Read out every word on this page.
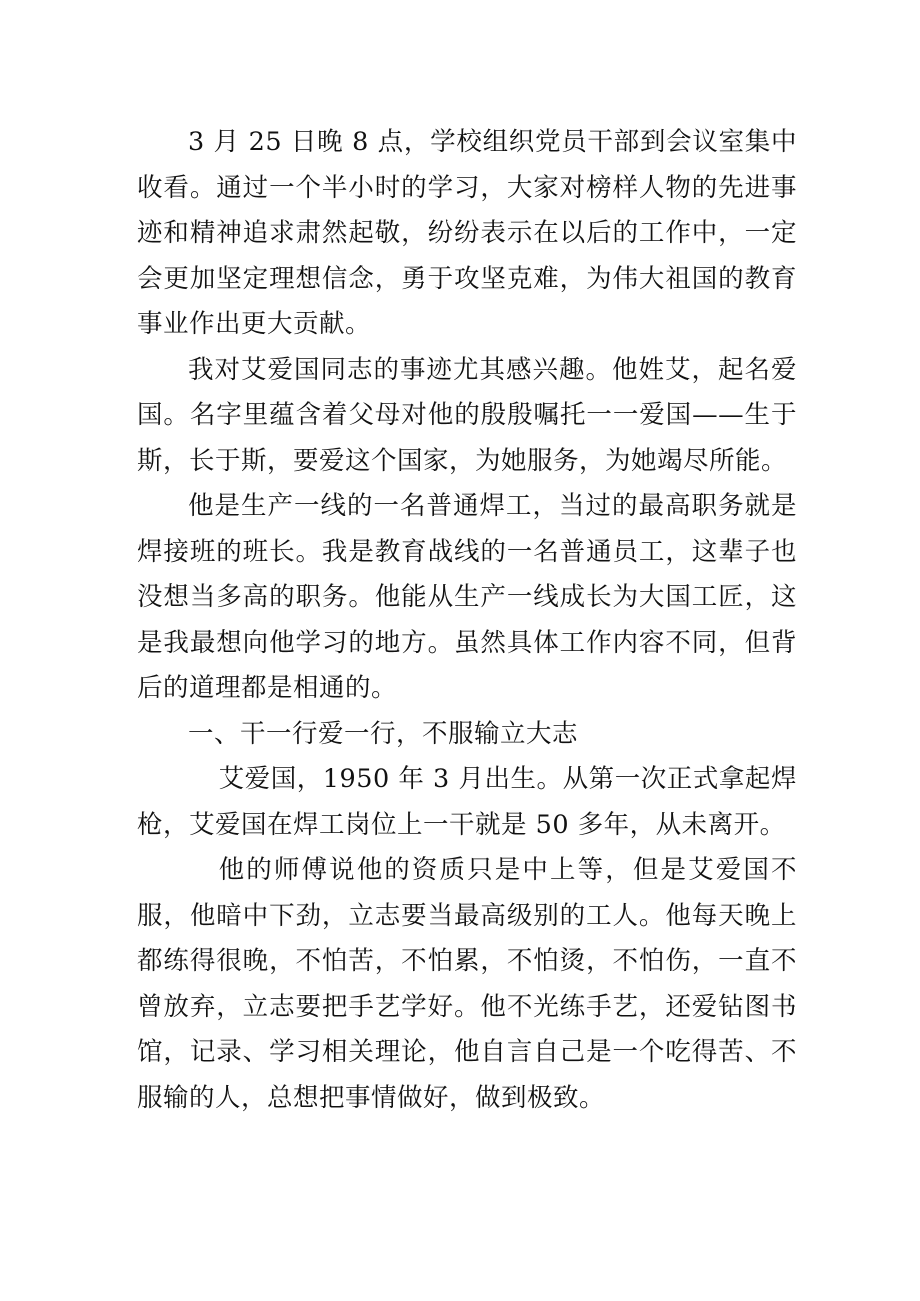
3 月 25 日晚 8 点，学校组织党员干部到会议室集中收看。通过一个半小时的学习，大家对榜样人物的先进事迹和精神追求肃然起敬，纷纷表示在以后的工作中，一定会更加坚定理想信念，勇于攻坚克难，为伟大祖国的教育事业作出更大贡献。

我对艾爱国同志的事迹尤其感兴趣。他姓艾，起名爱国。名字里蕴含着父母对他的殷殷嘱托一一爱国——生于斯，长于斯，要爱这个国家，为她服务，为她竭尽所能。

他是生产一线的一名普通焊工，当过的最高职务就是焊接班的班长。我是教育战线的一名普通员工，这辈子也没想当多高的职务。他能从生产一线成长为大国工匠，这是我最想向他学习的地方。虽然具体工作内容不同，但背后的道理都是相通的。

一、干一行爱一行，不服输立大志

艾爱国，1950 年 3 月出生。从第一次正式拿起焊枪，艾爱国在焊工岗位上一干就是 50 多年，从未离开。

他的师傅说他的资质只是中上等，但是艾爱国不服，他暗中下劲，立志要当最高级别的工人。他每天晚上都练得很晚，不怕苦，不怕累，不怕烫，不怕伤，一直不曾放弃，立志要把手艺学好。他不光练手艺，还爱钻图书馆，记录、学习相关理论，他自言自己是一个吃得苦、不服输的人，总想把事情做好，做到极致。
